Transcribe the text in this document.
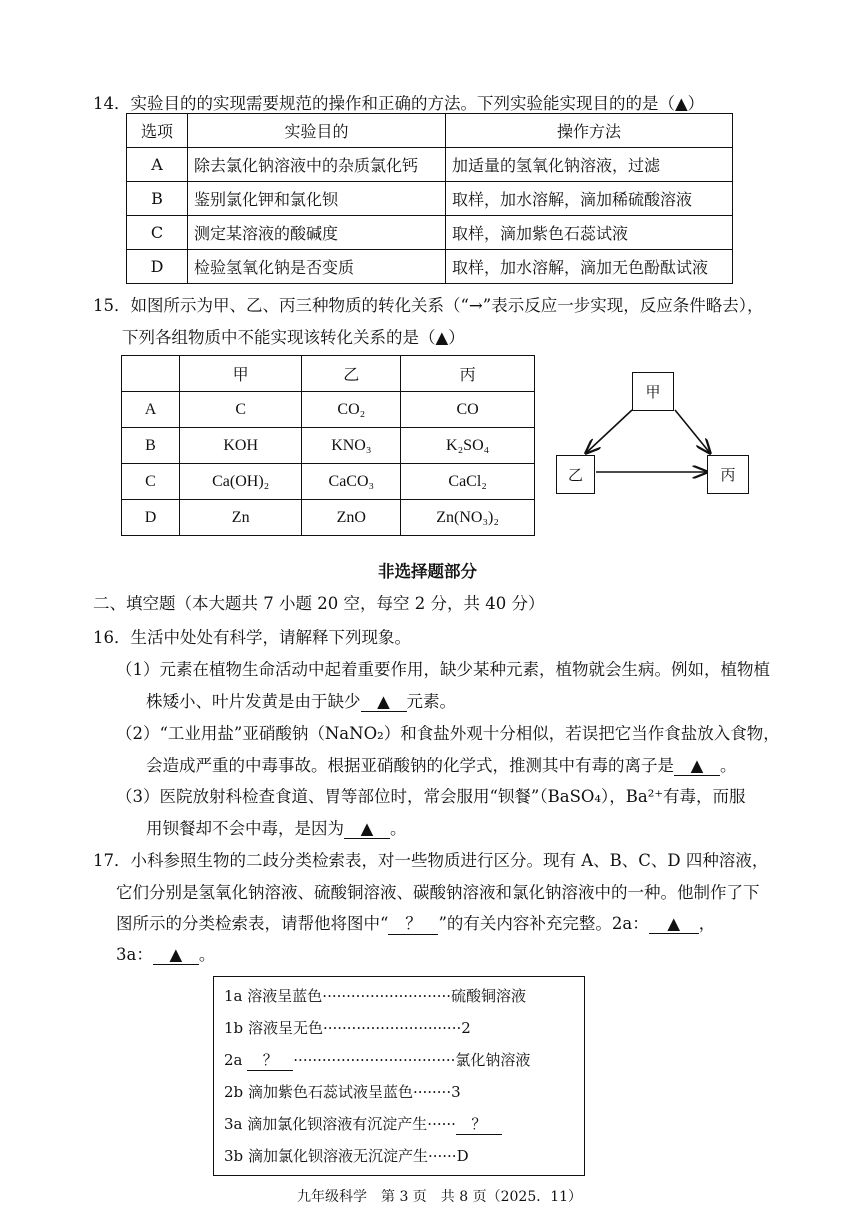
14．实验目的的实现需要规范的操作和正确的方法。下列实验能实现目的的是（▲）
选项	实验目的	操作方法
A	除去氯化钠溶液中的杂质氯化钙	加适量的氢氧化钠溶液，过滤
B	鉴别氯化钾和氯化钡	取样，加水溶解，滴加稀硫酸溶液
C	测定某溶液的酸碱度	取样，滴加紫色石蕊试液
D	检验氢氧化钠是否变质	取样，加水溶解，滴加无色酚酞试液
15．如图所示为甲、乙、丙三种物质的转化关系（“→”表示反应一步实现，反应条件略去），
下列各组物质中不能实现该转化关系的是（▲）
	甲	乙	丙
A	C	CO₂	CO
B	KOH	KNO₃	K₂SO₄
C	Ca(OH)₂	CaCO₃	CaCl₂
D	Zn	ZnO	Zn(NO₃)₂
甲
乙	丙
非选择题部分
二、填空题（本大题共 7 小题 20 空，每空 2 分，共 40 分）
16．生活中处处有科学，请解释下列现象。
（1）元素在植物生命活动中起着重要作用，缺少某种元素，植物就会生病。例如，植物植
株矮小、叶片发黄是由于缺少 ▲ 元素。
（2）“工业用盐”亚硝酸钠（NaNO₂）和食盐外观十分相似，若误把它当作食盐放入食物，
会造成严重的中毒事故。根据亚硝酸钠的化学式，推测其中有毒的离子是 ▲ 。
（3）医院放射科检查食道、胃等部位时，常会服用“钡餐”（BaSO₄），Ba²⁺有毒，而服
用钡餐却不会中毒，是因为 ▲ 。
17．小科参照生物的二歧分类检索表，对一些物质进行区分。现有 A、B、C、D 四种溶液，
它们分别是氢氧化钠溶液、硫酸铜溶液、碳酸钠溶液和氯化钠溶液中的一种。他制作了下
图所示的分类检索表，请帮他将图中“ ？ ”的有关内容补充完整。2a： ▲ ，
3a： ▲ 。
1a 溶液呈蓝色···························硫酸铜溶液
1b 溶液呈无色·····························2
2a ？ ··································氯化钠溶液
2b 滴加紫色石蕊试液呈蓝色········3
3a 滴加氯化钡溶液有沉淀产生······ ？
3b 滴加氯化钡溶液无沉淀产生······D
九年级科学　第 3 页　共 8 页（2025．11）
